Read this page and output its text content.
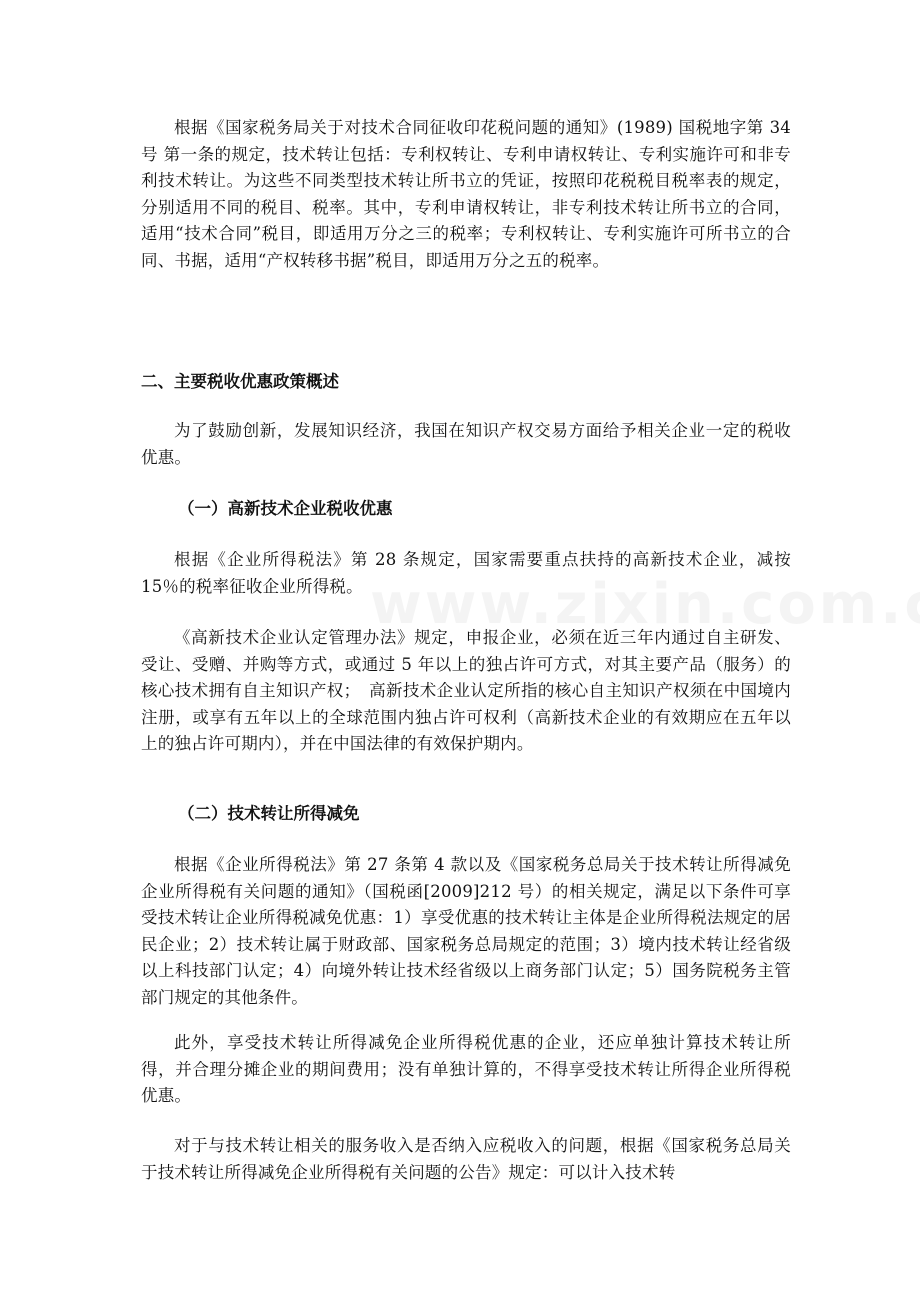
根据《国家税务局关于对技术合同征收印花税问题的通知》(1989) 国税地字第 34 号 第一条的规定，技术转让包括：专利权转让、专利申请权转让、专利实施许可和非专利技术转让。为这些不同类型技术转让所书立的凭证，按照印花税税目税率表的规定，分别适用不同的税目、税率。其中，专利申请权转让，非专利技术转让所书立的合同，适用“技术合同”税目，即适用万分之三的税率；专利权转让、专利实施许可所书立的合同、书据，适用“产权转移书据”税目，即适用万分之五的税率。

二、主要税收优惠政策概述

为了鼓励创新，发展知识经济，我国在知识产权交易方面给予相关企业一定的税收优惠。

（一）高新技术企业税收优惠

根据《企业所得税法》第 28 条规定，国家需要重点扶持的高新技术企业，减按 15％的税率征收企业所得税。

《高新技术企业认定管理办法》规定，申报企业，必须在近三年内通过自主研发、受让、受赠、并购等方式，或通过 5 年以上的独占许可方式，对其主要产品（服务）的核心技术拥有自主知识产权；　高新技术企业认定所指的核心自主知识产权须在中国境内注册，或享有五年以上的全球范围内独占许可权利（高新技术企业的有效期应在五年以上的独占许可期内），并在中国法律的有效保护期内。

（二）技术转让所得减免

根据《企业所得税法》第 27 条第 4 款以及《国家税务总局关于技术转让所得减免企业所得税有关问题的通知》（国税函[2009]212 号）的相关规定，满足以下条件可享受技术转让企业所得税减免优惠：1）享受优惠的技术转让主体是企业所得税法规定的居民企业；2）技术转让属于财政部、国家税务总局规定的范围；3）境内技术转让经省级以上科技部门认定；4）向境外转让技术经省级以上商务部门认定；5）国务院税务主管部门规定的其他条件。

此外，享受技术转让所得减免企业所得税优惠的企业，还应单独计算技术转让所得，并合理分摊企业的期间费用；没有单独计算的，不得享受技术转让所得企业所得税优惠。

对于与技术转让相关的服务收入是否纳入应税收入的问题，根据《国家税务总局关于技术转让所得减免企业所得税有关问题的公告》规定：可以计入技术转
